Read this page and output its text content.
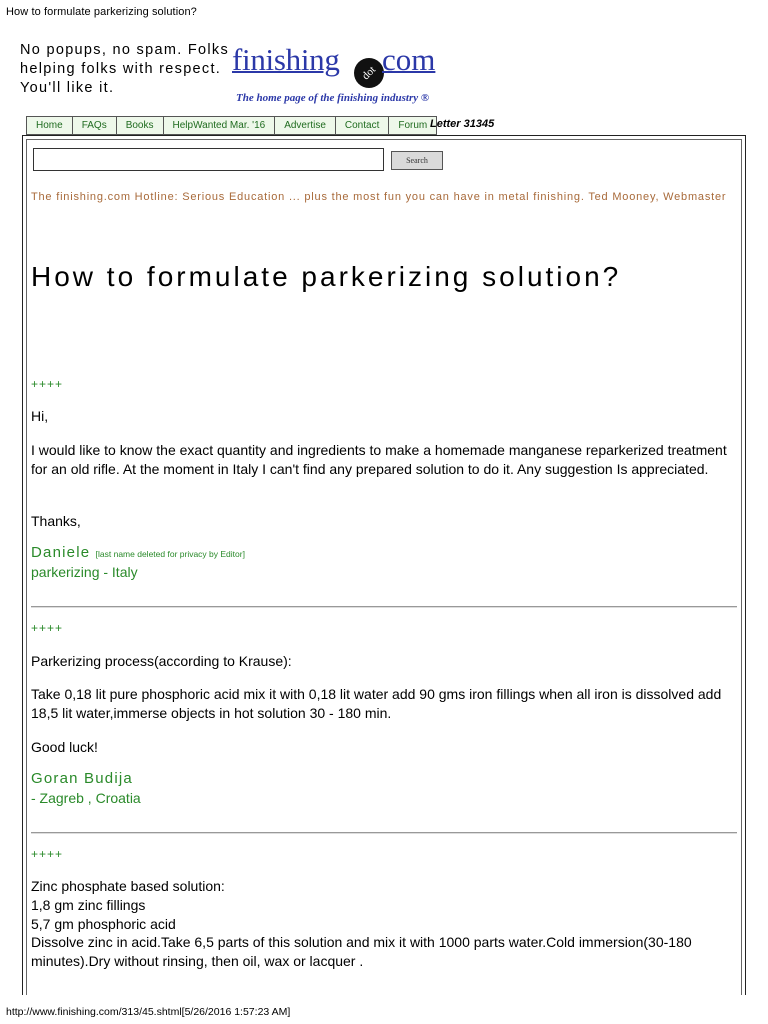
How to formulate parkerizing solution?
No popups, no spam. Folks helping folks with respect. You'll like it.
finishing	dot com
The home page of the finishing industry ®
Home	FAQs	Books	HelpWanted Mar. '16	Advertise	Contact	Forum Letter 31345
Search
The finishing.com Hotline: Serious Education ... plus the most fun you can have in metal finishing. Ted Mooney, Webmaster
How to formulate parkerizing solution?
++++
Hi,
I would like to know the exact quantity and ingredients to make a homemade manganese reparkerized treatment for an old rifle. At the moment in Italy I can't find any prepared solution to do it. Any suggestion Is appreciated.
Thanks,
Daniele [last name deleted for privacy by Editor]
parkerizing - Italy
++++
Parkerizing process(according to Krause):
Take 0,18 lit pure phosphoric acid mix it with 0,18 lit water add 90 gms iron fillings when all iron is dissolved add 18,5 lit water,immerse objects in hot solution 30 - 180 min.
Good luck!
Goran Budija
- Zagreb , Croatia
++++
Zinc phosphate based solution:
1,8 gm zinc fillings
5,7 gm phosphoric acid
Dissolve zinc in acid.Take 6,5 parts of this solution and mix it with 1000 parts water.Cold immersion(30-180 minutes).Dry without rinsing, then oil, wax or lacquer .
http://www.finishing.com/313/45.shtml[5/26/2016 1:57:23 AM]
